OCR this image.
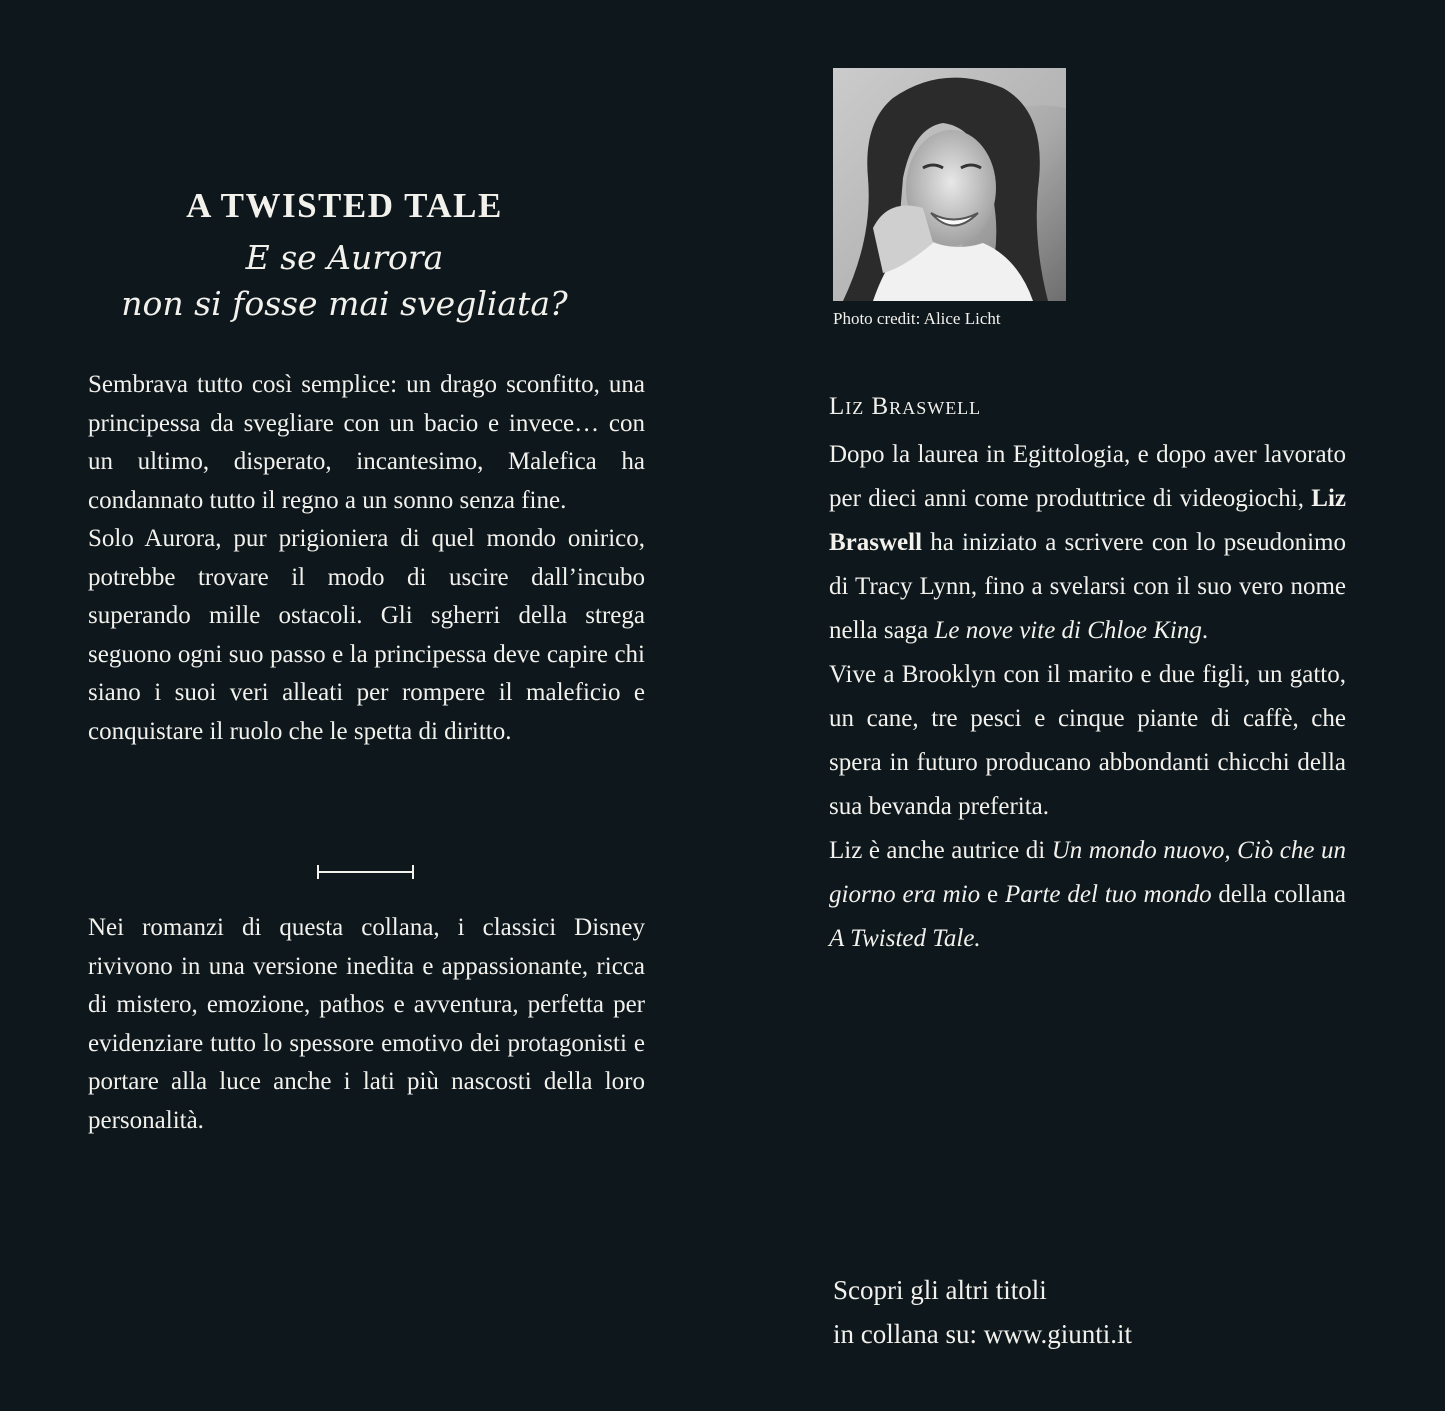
A TWISTED TALE
E se Aurora
non si fosse mai svegliata?

Sembrava tutto così semplice: un drago sconfitto, una principessa da svegliare con un bacio e invece… con un ultimo, disperato, incantesimo, Malefica ha condannato tutto il regno a un sonno senza fine.

Solo Aurora, pur prigioniera di quel mondo onirico, potrebbe trovare il modo di uscire dall’incubo superando mille ostacoli. Gli sgherri della strega seguono ogni suo passo e la principessa deve capire chi siano i suoi veri alleati per rompere il maleficio e conquistare il ruolo che le spetta di diritto.

Nei romanzi di questa collana, i classici Disney rivivono in una versione inedita e appassionante, ricca di mistero, emozione, pathos e avventura, perfetta per evidenziare tutto lo spessore emotivo dei protagonisti e portare alla luce anche i lati più nascosti della loro personalità.

Photo credit: Alice Licht
Liz Braswell

Dopo la laurea in Egittologia, e dopo aver lavorato per dieci anni come produttrice di videogiochi, Liz Braswell ha iniziato a scrivere con lo pseudonimo di Tracy Lynn, fino a svelarsi con il suo vero nome nella saga Le nove vite di Chloe King.

Vive a Brooklyn con il marito e due figli, un gatto, un cane, tre pesci e cinque piante di caffè, che spera in futuro producano abbondanti chicchi della sua bevanda preferita.

Liz è anche autrice di Un mondo nuovo, Ciò che un giorno era mio e Parte del tuo mondo della collana A Twisted Tale.

Scopri gli altri titoli
in collana su: www.giunti.it
